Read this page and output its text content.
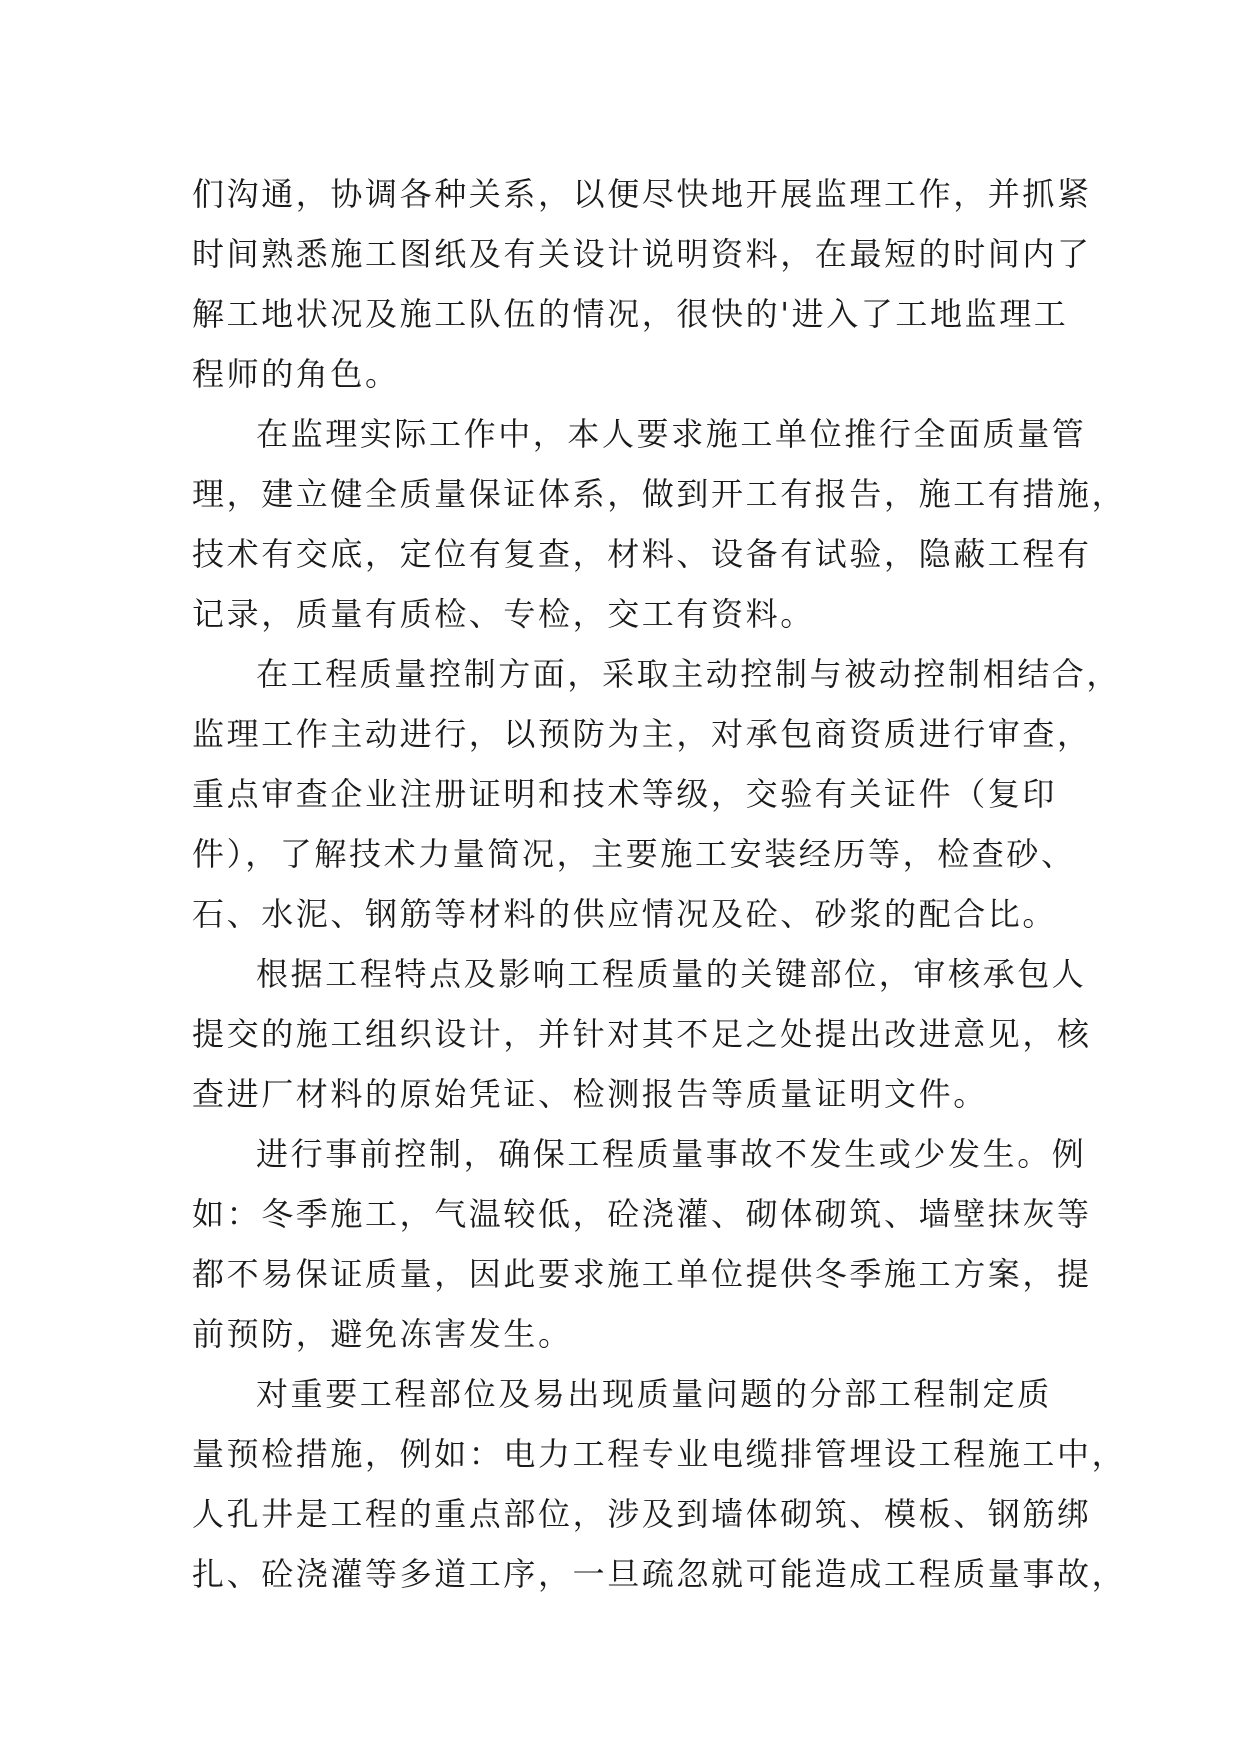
们沟通，协调各种关系，以便尽快地开展监理工作，并抓紧
时间熟悉施工图纸及有关设计说明资料，在最短的时间内了
解工地状况及施工队伍的情况，很快的'进入了工地监理工
程师的角色。
在监理实际工作中，本人要求施工单位推行全面质量管
理，建立健全质量保证体系，做到开工有报告，施工有措施，
技术有交底，定位有复查，材料、设备有试验，隐蔽工程有
记录，质量有质检、专检，交工有资料。
在工程质量控制方面，采取主动控制与被动控制相结合，
监理工作主动进行，以预防为主，对承包商资质进行审查，
重点审查企业注册证明和技术等级，交验有关证件（复印
件），了解技术力量简况，主要施工安装经历等，检查砂、
石、水泥、钢筋等材料的供应情况及砼、砂浆的配合比。
根据工程特点及影响工程质量的关键部位，审核承包人
提交的施工组织设计，并针对其不足之处提出改进意见，核
查进厂材料的原始凭证、检测报告等质量证明文件。
进行事前控制，确保工程质量事故不发生或少发生。例
如：冬季施工，气温较低，砼浇灌、砌体砌筑、墙壁抹灰等
都不易保证质量，因此要求施工单位提供冬季施工方案，提
前预防，避免冻害发生。
对重要工程部位及易出现质量问题的分部工程制定质
量预检措施，例如：电力工程专业电缆排管埋设工程施工中，
人孔井是工程的重点部位，涉及到墙体砌筑、模板、钢筋绑
扎、砼浇灌等多道工序，一旦疏忽就可能造成工程质量事故，
